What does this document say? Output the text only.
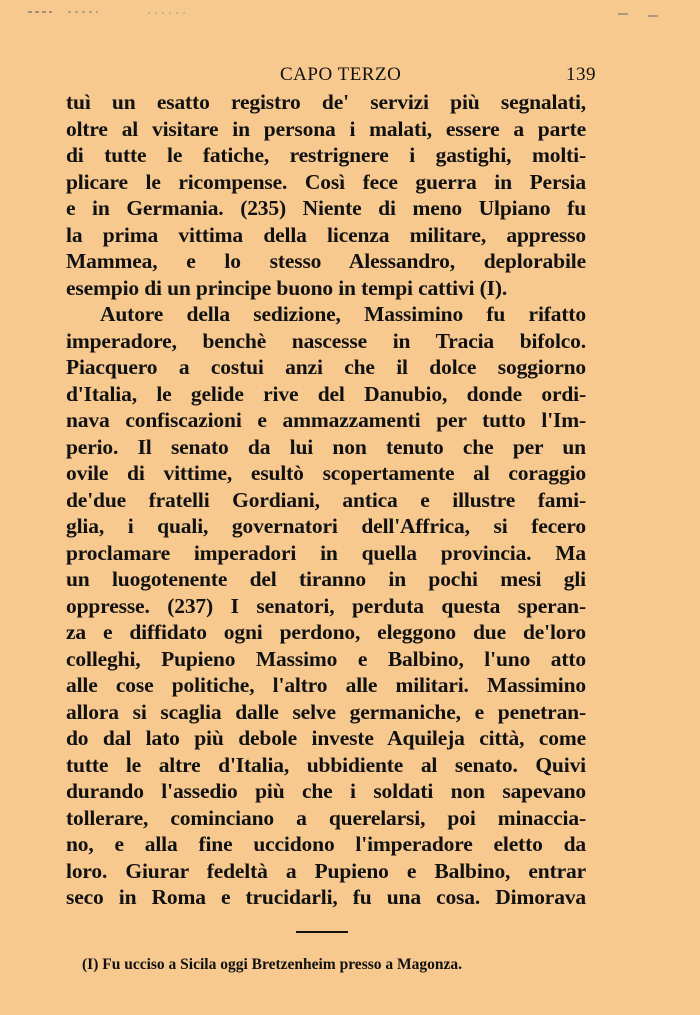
CAPO TERZO	139
tuì un esatto registro de' servizi più segnalati,
oltre al visitare in persona i malati, essere a parte
di tutte le fatiche, restrignere i gastighi, molti-
plicare le ricompense. Così fece guerra in Persia
e in Germania. (235) Niente di meno Ulpiano fu
la prima vittima della licenza militare, appresso
Mammea, e lo stesso Alessandro, deplorabile
esempio di un principe buono in tempi cattivi (I).
Autore della sedizione, Massimino fu rifatto
imperadore, benchè nascesse in Tracia bifolco.
Piacquero a costui anzi che il dolce soggiorno
d'Italia, le gelide rive del Danubio, donde ordi-
nava confiscazioni e ammazzamenti per tutto l'Im-
perio. Il senato da lui non tenuto che per un
ovile di vittime, esultò scopertamente al coraggio
de'due fratelli Gordiani, antica e illustre fami-
glia, i quali, governatori dell'Affrica, si fecero
proclamare imperadori in quella provincia. Ma
un luogotenente del tiranno in pochi mesi gli
oppresse. (237) I senatori, perduta questa speran-
za e diffidato ogni perdono, eleggono due de'loro
colleghi, Pupieno Massimo e Balbino, l'uno atto
alle cose politiche, l'altro alle militari. Massimino
allora si scaglia dalle selve germaniche, e penetran-
do dal lato più debole investe Aquileja città, come
tutte le altre d'Italia, ubbidiente al senato. Quivi
durando l'assedio più che i soldati non sapevano
tollerare, cominciano a querelarsi, poi minaccia-
no, e alla fine uccidono l'imperadore eletto da
loro. Giurar fedeltà a Pupieno e Balbino, entrar
seco in Roma e trucidarli, fu una cosa. Dimorava
(I) Fu ucciso a Sicila oggi Bretzenheim presso a Magonza.
